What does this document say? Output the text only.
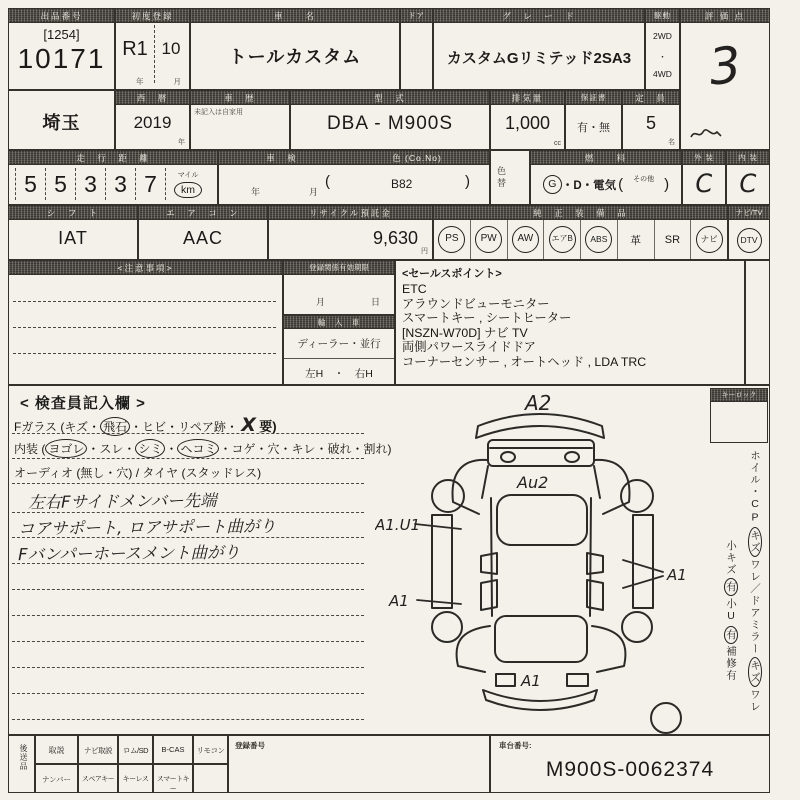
出品番号
[1254]
10171
初度登録
R1 10
年	月
車　　名
トールカスタム
ドア	グ　レ　ー　ド
カスタムGリミテッド2SA3
駆動
2WD
・
4WD
評 価 点
3
埼玉
西　暦
2019
年
車　歴
未記入は自家用
型　式
DBA - M900S
排気量
1,000
cc
保証書
有・無
定　員
5
名
走　行　距　離
5 5 3 3 7	マイル
km
車　検	色 (Co.No)
年	月
(	B82	)
色
替
燃　　料
G ・D・電気 ( その他 )
外 装
C
内 装
C
シ　フ　ト
IAT
エ　ア　コ　ン
AAC
リサイクル預託金
9,630
円
純　正　装　備　品
PS	PW	AW	エアB	ABS	革 SR	ナビ
ナビ/TV
DTV
<注意事項>	登録関係有効期限
月	日
輸　入　車
ディーラー・並行
左H　・　右H
<セールスポイント>
ETC
アラウンドビューモニター
スマートキー , シートヒーター
[NSZN-W70D] ナビ TV
両側パワースライドドア
コーナーセンサー , オートヘッド , LDA TRC
< 検査員記入欄 >
Fガラス (キズ・ 飛石 ・ヒビ・リペア跡・ X 要)
内装 ( ヨゴレ ・スレ・ シミ ・ ヘコミ ・コゲ・穴・キレ・破れ・割れ)
オーディオ (無し・穴) / タイヤ (スタッドレス)
左右Fサイドメンバー先端
コアサポート, ロアサポート曲がり
Fバンパーホースメント曲がり
キーロック
ホイル・CPキズワレ／ドアミラーキズワレ
小キズ有小U有補修有
A2
Au2
A1.U1
A1
A1
A1
後送品	取説	ナビ取説	ロム/SD	B-CAS	リモコン
ナンバー	スペアキー	キーレス	スマートキー
登録番号	車台番号:
M900S-0062374
